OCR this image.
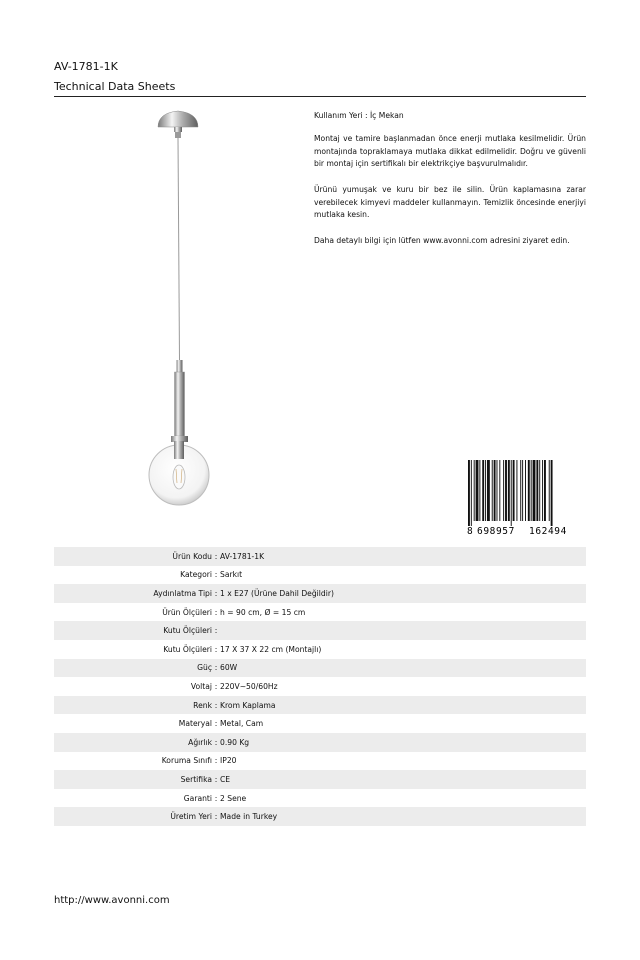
AV-1781-1K
Technical Data Sheets

Kullanım Yeri : İç Mekan

Montaj ve tamire başlanmadan önce enerji mutlaka kesilmelidir. Ürün montajında topraklamaya mutlaka dikkat edilmelidir. Doğru ve güvenli bir montaj için sertifikalı bir elektrikçiye başvurulmalıdır.

Ürünü yumuşak ve kuru bir bez ile silin. Ürün kaplamasına zarar verebilecek kimyevi maddeler kullanmayın. Temizlik öncesinde enerjiyi mutlaka kesin.

Daha detaylı bilgi için lütfen www.avonni.com adresini ziyaret edin.

8 698957 162494
Ürün Kodu	:	AV-1781-1K
Kategori	:	Sarkıt
Aydınlatma Tipi	:	1 x E27 (Ürüne Dahil Değildir)
Ürün Ölçüleri	:	h = 90 cm, Ø = 15 cm
Kutu Ölçüleri	:	
Kutu Ölçüleri	:	17 X 37 X 22 cm (Montajlı)
Güç	:	60W
Voltaj	:	220V~50/60Hz
Renk	:	Krom Kaplama
Materyal	:	Metal, Cam
Ağırlık	:	0.90 Kg
Koruma Sınıfı	:	IP20
Sertifika	:	CE
Garanti	:	2 Sene
Üretim Yeri	:	Made in Turkey
http://www.avonni.com
